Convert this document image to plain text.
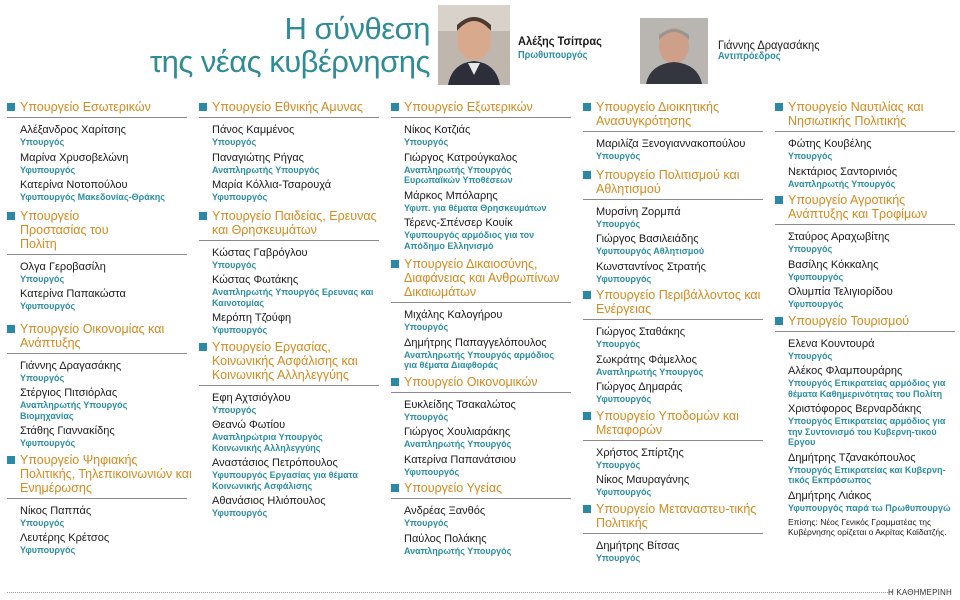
Η σύνθεση
της νέας κυβέρνησης
Αλέξης Τσίπρας
Πρωθυπουργός
Γιάννης Δραγασάκης
Αντιπρόεδρος
Υπουργείο Εσωτερικών
Αλέξανδρος Χαρίτσης
Υπουργός
Μαρίνα Χρυσοβελώνη
Υφυπουργός
Κατερίνα Νοτοπούλου
Υφυπουργός Μακεδονίας-Θράκης
Υπουργείο Προστασίας του Πολίτη
Ολγα Γεροβασίλη
Υπουργός
Κατερίνα Παπακώστα
Υφυπουργός
Υπουργείο Οικονομίας και Ανάπτυξης
Γιάννης Δραγασάκης
Υπουργός
Στέργιος Πιτσιόρλας
Αναπληρωτής Υπουργός Βιομηχανίας
Στάθης Γιαννακίδης
Υφυπουργός
Υπουργείο Ψηφιακής Πολιτικής, Τηλεπικοινωνιών και Ενημέρωσης
Νίκος Παππάς
Υπουργός
Λευτέρης Κρέτσος
Υφυπουργός
Υπουργείο Εθνικής Αμυνας
Πάνος Καμμένος
Υπουργός
Παναγιώτης Ρήγας
Αναπληρωτής Υπουργός
Μαρία Κόλλια-Τσαρουχά
Υφυπουργός
Υπουργείο Παιδείας, Ερευνας και Θρησκευμάτων
Κώστας Γαβρόγλου
Υπουργός
Κώστας Φωτάκης
Αναπληρωτής Υπουργός Ερευνας και Καινοτομίας
Μερόπη Τζούφη
Υφυπουργός
Υπουργείο Εργασίας, Κοινωνικής Ασφάλισης και Κοινωνικής Αλληλεγγύης
Εφη Αχτσιόγλου
Υπουργός
Θεανώ Φωτίου
Αναπληρώτρια Υπουργός Κοινωνικής Αλληλεγγύης
Αναστάσιος Πετρόπουλος
Υφυπουργός Εργασίας για θέματα Κοινωνικής Ασφάλισης
Αθανάσιος Ηλιόπουλος
Υφυπουργός
Υπουργείο Εξωτερικών
Νίκος Κοτζιάς
Υπουργός
Γιώργος Κατρούγκαλος
Αναπληρωτής Υπουργός Ευρωπαϊκών Υποθέσεων
Μάρκος Μπόλαρης
Υφυπ. για θέματα Θρησκευμάτων
Τέρενς-Σπένσερ Κουίκ
Υφυπουργός αρμόδιος για τον Απόδημο Ελληνισμό
Υπουργείο Δικαιοσύνης, Διαφάνειας και Ανθρωπίνων Δικαιωμάτων
Μιχάλης Καλογήρου
Υπουργός
Δημήτρης Παπαγγελόπουλος
Αναπληρωτής Υπουργός αρμόδιος για θέματα Διαφθοράς
Υπουργείο Οικονομικών
Ευκλείδης Τσακαλώτος
Υπουργός
Γιώργος Χουλιαράκης
Αναπληρωτής Υπουργός
Κατερίνα Παπανάτσιου
Υφυπουργός
Υπουργείο Υγείας
Ανδρέας Ξανθός
Υπουργός
Παύλος Πολάκης
Αναπληρωτής Υπουργός
Υπουργείο Διοικητικής Ανασυγκρότησης
Μαριλίζα Ξενογιαννακοπούλου
Υπουργός
Υπουργείο Πολιτισμού και Αθλητισμού
Μυρσίνη Ζορμπά
Υπουργός
Γιώργος Βασιλειάδης
Υφυπουργός Αθλητισμού
Κωνσταντίνος Στρατής
Υφυπουργός
Υπουργείο Περιβάλλοντος και Ενέργειας
Γιώργος Σταθάκης
Υπουργός
Σωκράτης Φάμελλος
Αναπληρωτής Υπουργός
Γιώργος Δημαράς
Υφυπουργός
Υπουργείο Υποδομών και Μεταφορών
Χρήστος Σπίρτζης
Υπουργός
Νίκος Μαυραγάνης
Υφυπουργός
Υπουργείο Μεταναστευ-τικής Πολιτικής
Δημήτρης Βίτσας
Υπουργός
Υπουργείο Ναυτιλίας και Νησιωτικής Πολιτικής
Φώτης Κουβέλης
Υπουργός
Νεκτάριος Σαντορινιός
Αναπληρωτής Υπουργός
Υπουργείο Αγροτικής Ανάπτυξης και Τροφίμων
Σταύρος Αραχωβίτης
Υπουργός
Βασίλης Κόκκαλης
Υφυπουργός
Ολυμπία Τελιγιορίδου
Υφυπουργός
Υπουργείο Τουρισμού
Ελενα Κουντουρά
Υπουργός
Αλέκος Φλαμπουράρης
Υπουργός Επικρατείας αρμόδιος για θέματα Καθημερινότητας του Πολίτη
Χριστόφορος Βερναρδάκης
Υπουργός Επικρατείας αρμόδιος για την Συντονισμό του Κυβερνη-τικού Εργου
Δημήτρης Τζανακόπουλος
Υπουργός Επικρατείας και Κυβερνη-τικός Εκπρόσωπος
Δημήτρης Λιάκος
Υφυπουργός παρά τω Πρωθυπουργώ
Επίσης: Νέος Γενικός Γραμματέας της Κυβέρνησης ορίζεται ο Ακρίτας Καϊδατζής.
Η ΚΑΘΗΜΕΡΙΝΗ
